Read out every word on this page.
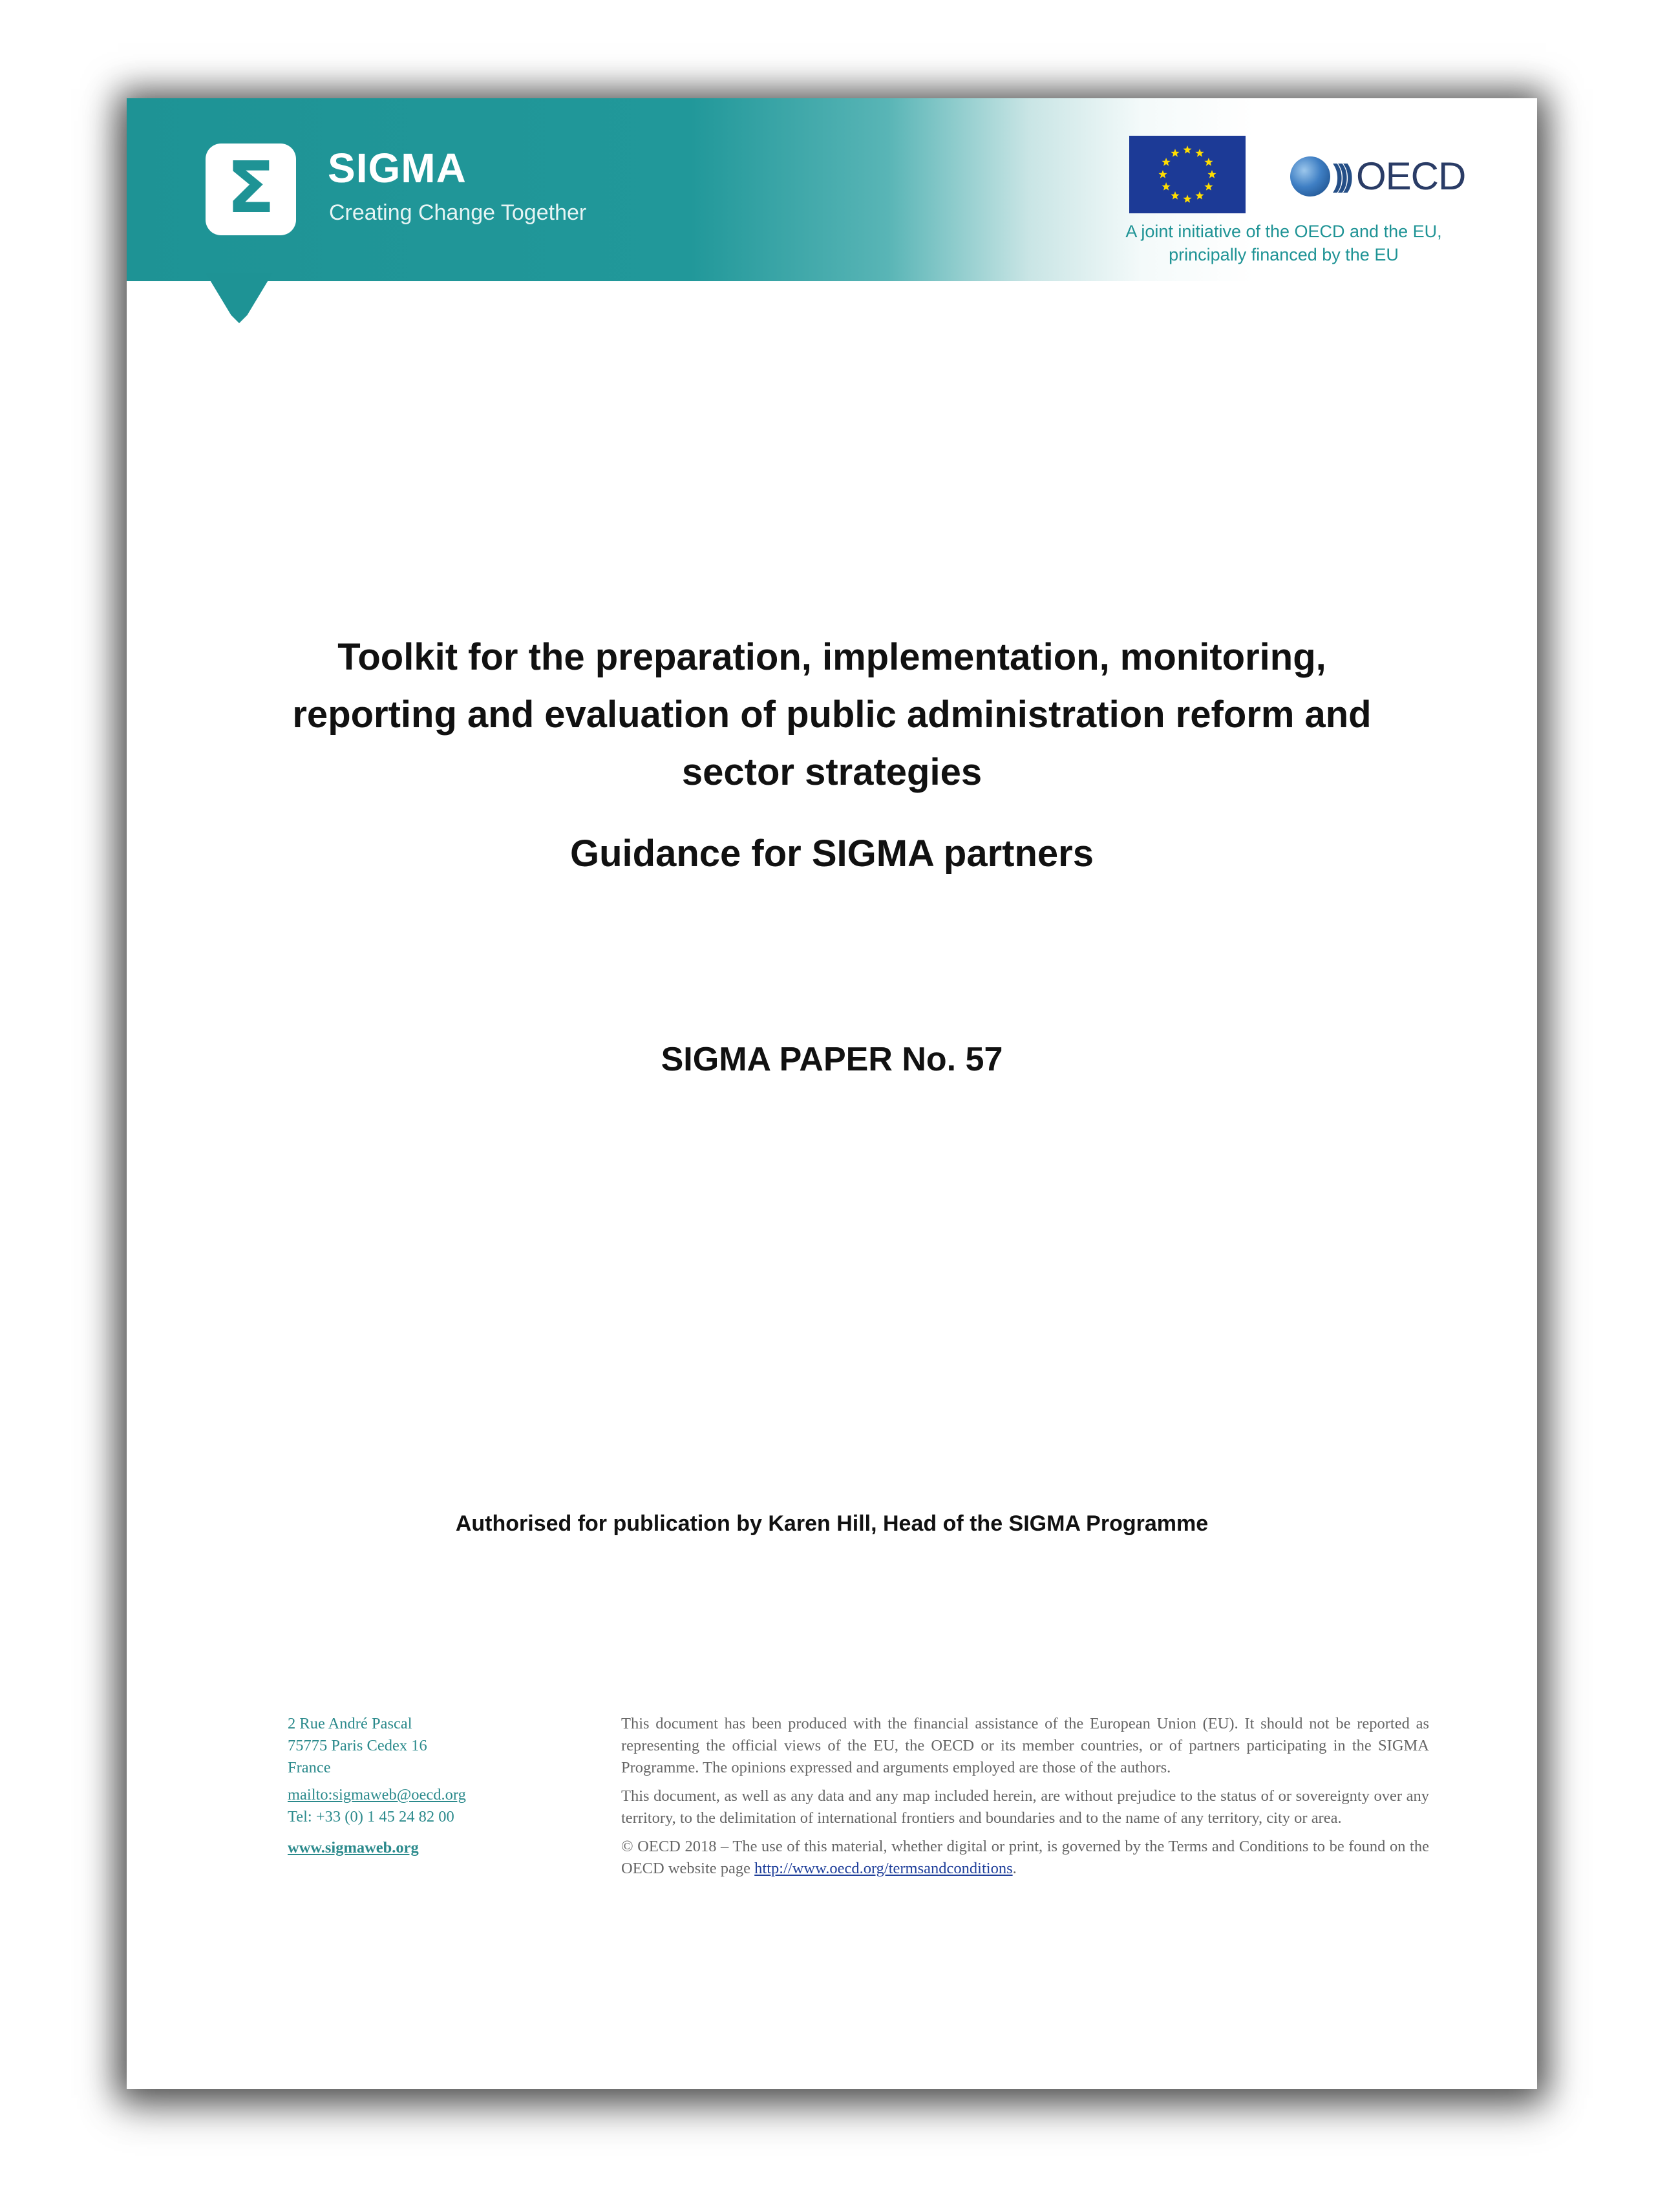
Σ SIGMA
Creating Change Together
))) OECD
A joint initiative of the OECD and the EU,
principally financed by the EU
Toolkit for the preparation, implementation, monitoring, reporting and evaluation of public administration reform and sector strategies
Guidance for SIGMA partners
SIGMA PAPER No. 57
Authorised for publication by Karen Hill, Head of the SIGMA Programme
2 Rue André Pascal
75775 Paris Cedex 16
France
mailto:sigmaweb@oecd.org
Tel: +33 (0) 1 45 24 82 00
www.sigmaweb.org

This document has been produced with the financial assistance of the European Union (EU). It should not be reported as representing the official views of the EU, the OECD or its member countries, or of partners participating in the SIGMA Programme. The opinions expressed and arguments employed are those of the authors.

This document, as well as any data and any map included herein, are without prejudice to the status of or sovereignty over any territory, to the delimitation of international frontiers and boundaries and to the name of any territory, city or area.

© OECD 2018 – The use of this material, whether digital or print, is governed by the Terms and Conditions to be found on the OECD website page http://www.oecd.org/termsandconditions.
